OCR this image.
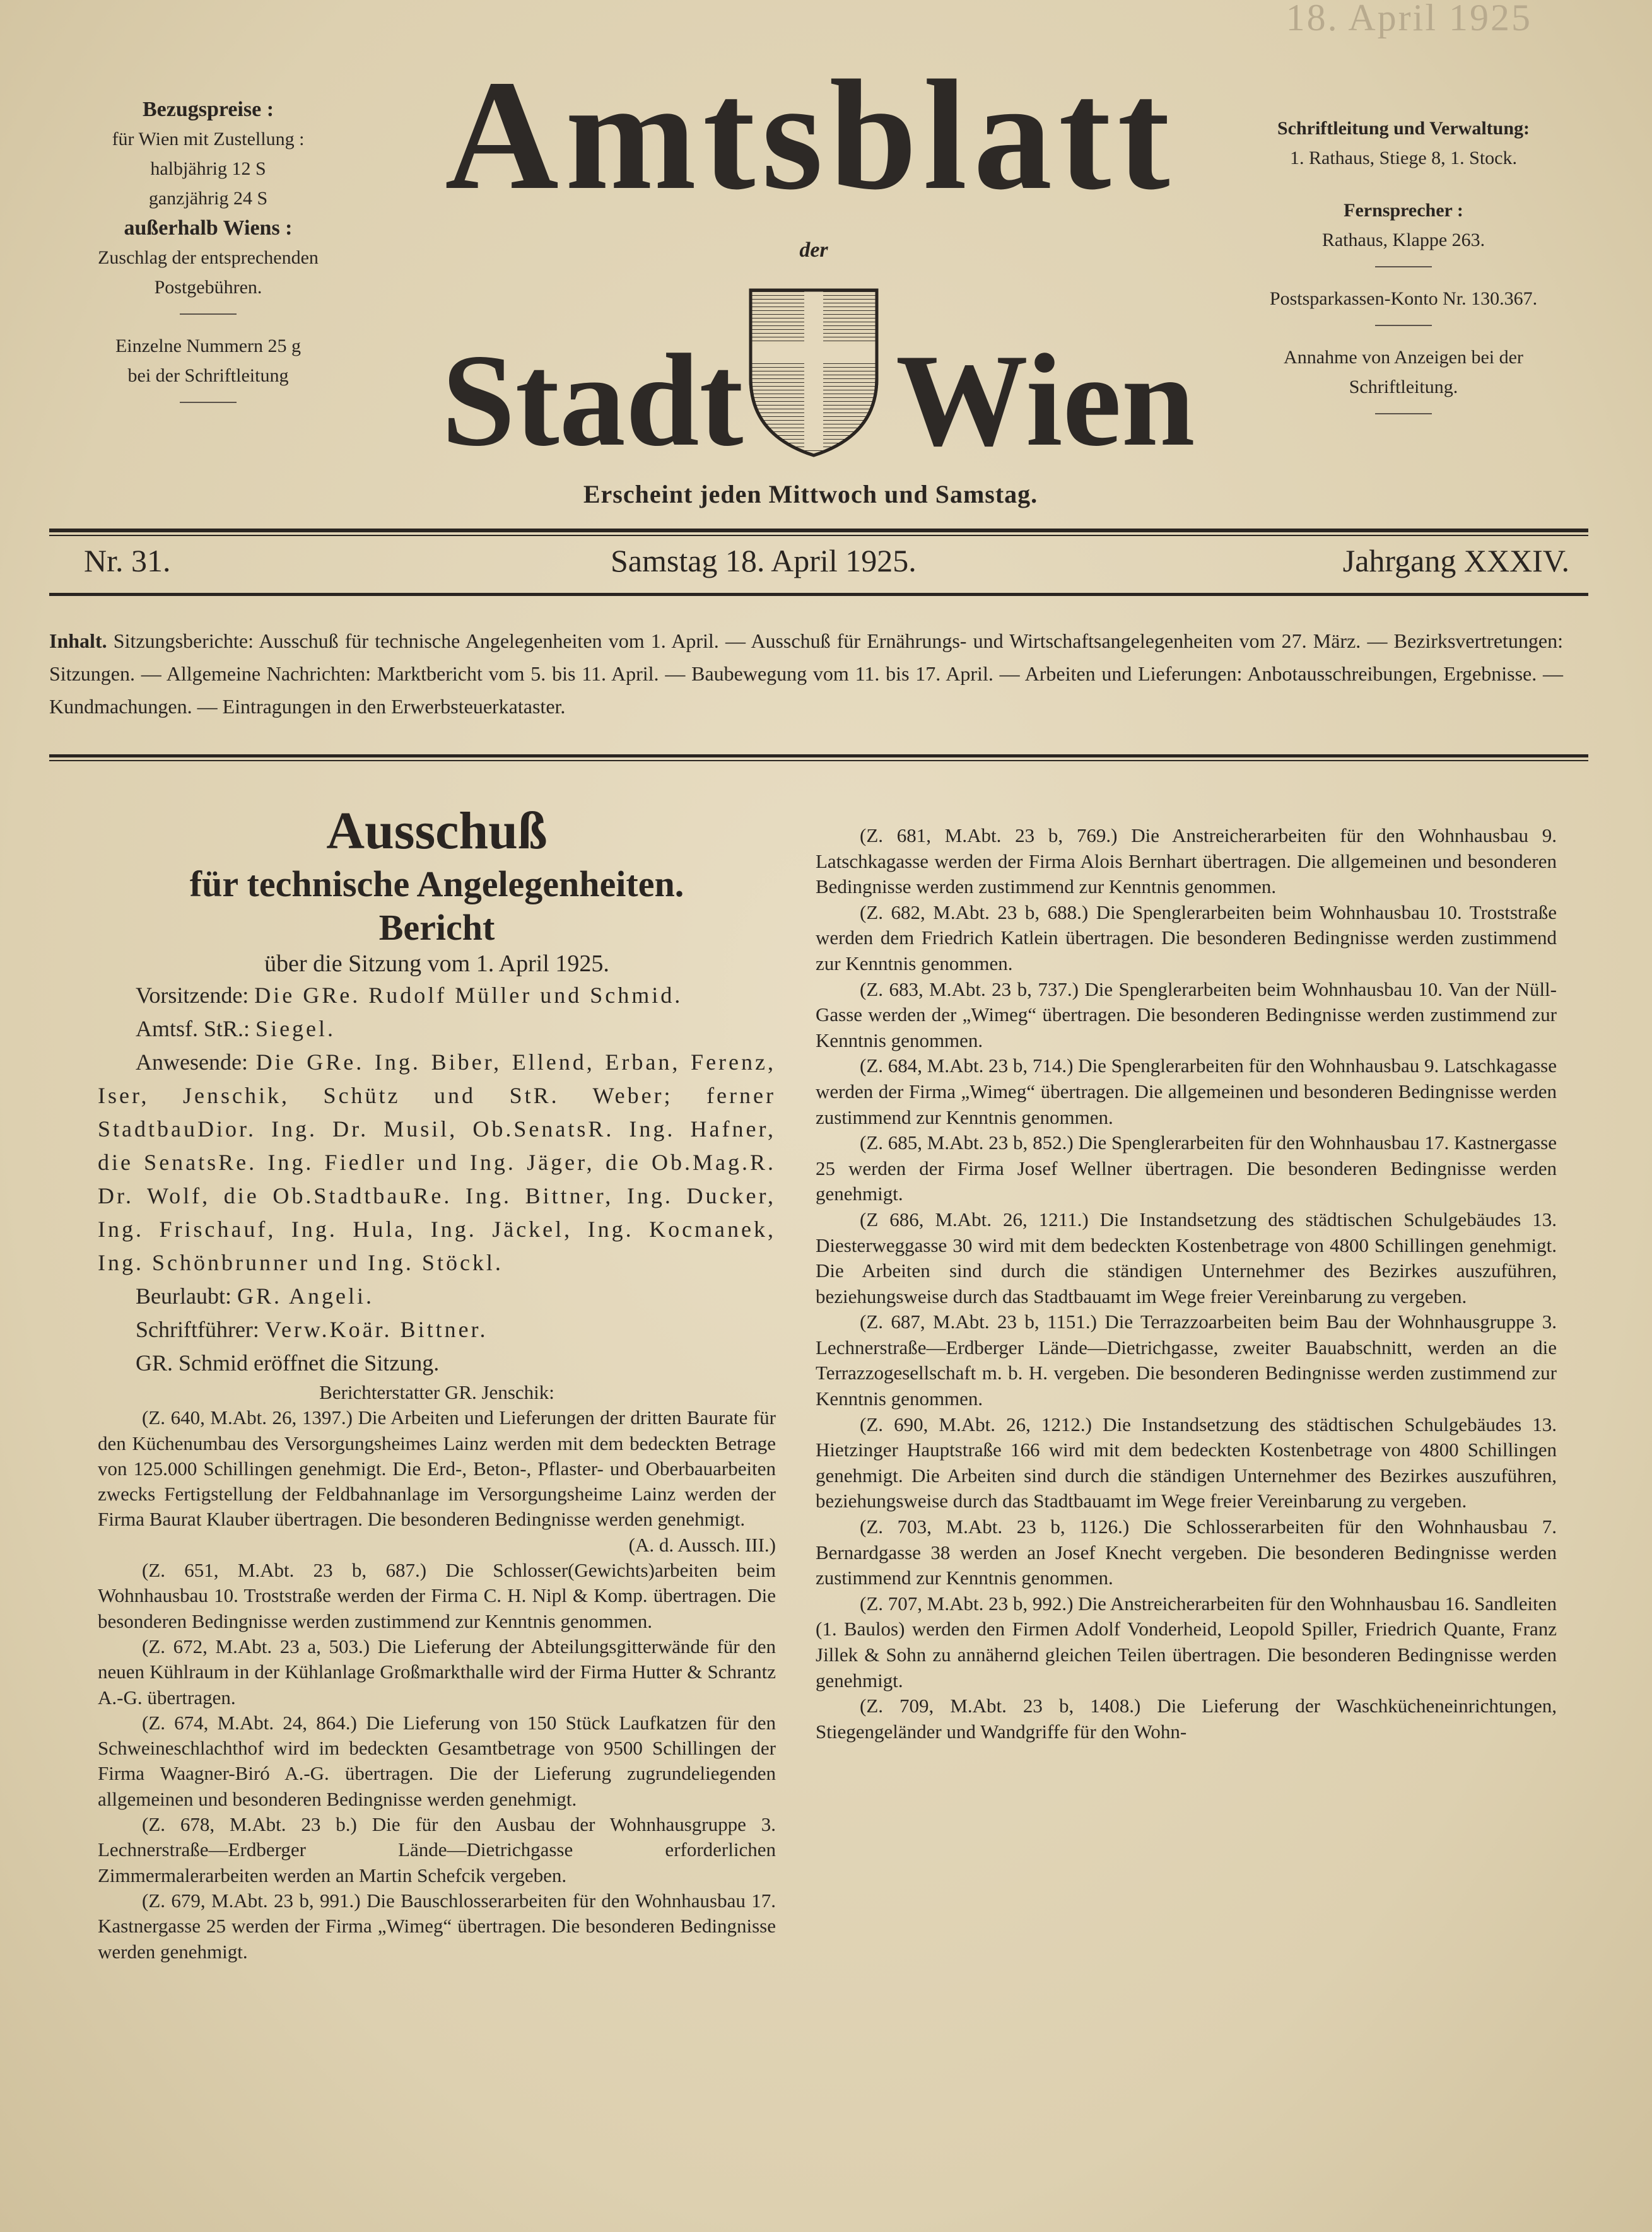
18. April 1925
Bezugspreise :
für Wien mit Zustellung :
halbjährig 12 S
ganzjährig 24 S
außerhalb Wiens :
Zuschlag der entsprechenden
Postgebühren.
Einzelne Nummern 25 g
bei der Schriftleitung
Amtsblatt
der
Stadt Wien
Erscheint jeden Mittwoch und Samstag.
Schriftleitung und Verwaltung:
1. Rathaus, Stiege 8, 1. Stock.
Fernsprecher :
Rathaus, Klappe 263.
Postsparkassen-Konto Nr. 130.367.
Annahme von Anzeigen bei der
Schriftleitung.
Nr. 31.	Samstag 18. April 1925.	Jahrgang XXXIV.
Inhalt. Sitzungsberichte: Ausschuß für technische Angelegenheiten vom 1. April. — Ausschuß für Ernährungs- und Wirtschaftsangelegenheiten vom 27. März. — Bezirksvertretungen: Sitzungen. — Allgemeine Nachrichten: Marktbericht vom 5. bis 11. April. — Baubewegung vom 11. bis 17. April. — Arbeiten und Lieferungen: Anbotausschreibungen, Ergebnisse. — Kundmachungen. — Eintragungen in den Erwerbsteuerkataster.
Ausschuß
für technische Angelegenheiten.
Bericht
über die Sitzung vom 1. April 1925.

Vorsitzende: Die GRe. Rudolf Müller und Schmid.

Amtsf. StR.: Siegel.

Anwesende: Die GRe. Ing. Biber, Ellend, Erban, Ferenz, Iser, Jenschik, Schütz und StR. Weber; ferner StadtbauDior. Ing. Dr. Musil, Ob.SenatsR. Ing. Hafner, die SenatsRe. Ing. Fiedler und Ing. Jäger, die Ob.Mag.R. Dr. Wolf, die Ob.StadtbauRe. Ing. Bittner, Ing. Ducker, Ing. Frischauf, Ing. Hula, Ing. Jäckel, Ing. Kocmanek, Ing. Schönbrunner und Ing. Stöckl.

Beurlaubt: GR. Angeli.

Schriftführer: Verw.Koär. Bittner.

GR. Schmid eröffnet die Sitzung.

Berichterstatter GR. Jenschik:

(Z. 640, M.Abt. 26, 1397.) Die Arbeiten und Lieferungen der dritten Baurate für den Küchenumbau des Versorgungsheimes Lainz werden mit dem bedeckten Betrage von 125.000 Schillingen genehmigt. Die Erd-, Beton-, Pflaster- und Oberbauarbeiten zwecks Fertigstellung der Feldbahnanlage im Versorgungsheime Lainz werden der Firma Baurat Klauber übertragen. Die besonderen Bedingnisse werden genehmigt.

(A. d. Aussch. III.)

(Z. 651, M.Abt. 23 b, 687.) Die Schlosser(Gewichts)arbeiten beim Wohnhausbau 10. Troststraße werden der Firma C. H. Nipl & Komp. übertragen. Die besonderen Bedingnisse werden zustimmend zur Kenntnis genommen.

(Z. 672, M.Abt. 23 a, 503.) Die Lieferung der Abteilungsgitterwände für den neuen Kühlraum in der Kühlanlage Großmarkthalle wird der Firma Hutter & Schrantz A.-G. übertragen.

(Z. 674, M.Abt. 24, 864.) Die Lieferung von 150 Stück Laufkatzen für den Schweineschlachthof wird im bedeckten Gesamtbetrage von 9500 Schillingen der Firma Waagner-Biró A.-G. übertragen. Die der Lieferung zugrundeliegenden allgemeinen und besonderen Bedingnisse werden genehmigt.

(Z. 678, M.Abt. 23 b.) Die für den Ausbau der Wohnhausgruppe 3. Lechnerstraße—Erdberger Lände—Dietrichgasse erforderlichen Zimmermalerarbeiten werden an Martin Schefcik vergeben.

(Z. 679, M.Abt. 23 b, 991.) Die Bauschlosserarbeiten für den Wohnhausbau 17. Kastnergasse 25 werden der Firma „Wimeg“ übertragen. Die besonderen Bedingnisse werden genehmigt.

(Z. 681, M.Abt. 23 b, 769.) Die Anstreicherarbeiten für den Wohnhausbau 9. Latschkagasse werden der Firma Alois Bernhart übertragen. Die allgemeinen und besonderen Bedingnisse werden zustimmend zur Kenntnis genommen.

(Z. 682, M.Abt. 23 b, 688.) Die Spenglerarbeiten beim Wohnhausbau 10. Troststraße werden dem Friedrich Katlein übertragen. Die besonderen Bedingnisse werden zustimmend zur Kenntnis genommen.

(Z. 683, M.Abt. 23 b, 737.) Die Spenglerarbeiten beim Wohnhausbau 10. Van der Nüll-Gasse werden der „Wimeg“ übertragen. Die besonderen Bedingnisse werden zustimmend zur Kenntnis genommen.

(Z. 684, M.Abt. 23 b, 714.) Die Spenglerarbeiten für den Wohnhausbau 9. Latschkagasse werden der Firma „Wimeg“ übertragen. Die allgemeinen und besonderen Bedingnisse werden zustimmend zur Kenntnis genommen.

(Z. 685, M.Abt. 23 b, 852.) Die Spenglerarbeiten für den Wohnhausbau 17. Kastnergasse 25 werden der Firma Josef Wellner übertragen. Die besonderen Bedingnisse werden genehmigt.

(Z 686, M.Abt. 26, 1211.) Die Instandsetzung des städtischen Schulgebäudes 13. Diesterweggasse 30 wird mit dem bedeckten Kostenbetrage von 4800 Schillingen genehmigt. Die Arbeiten sind durch die ständigen Unternehmer des Bezirkes auszuführen, beziehungsweise durch das Stadtbauamt im Wege freier Vereinbarung zu vergeben.

(Z. 687, M.Abt. 23 b, 1151.) Die Terrazzoarbeiten beim Bau der Wohnhausgruppe 3. Lechnerstraße—Erdberger Lände—Dietrichgasse, zweiter Bauabschnitt, werden an die Terrazzogesellschaft m. b. H. vergeben. Die besonderen Bedingnisse werden zustimmend zur Kenntnis genommen.

(Z. 690, M.Abt. 26, 1212.) Die Instandsetzung des städtischen Schulgebäudes 13. Hietzinger Hauptstraße 166 wird mit dem bedeckten Kostenbetrage von 4800 Schillingen genehmigt. Die Arbeiten sind durch die ständigen Unternehmer des Bezirkes auszuführen, beziehungsweise durch das Stadtbauamt im Wege freier Vereinbarung zu vergeben.

(Z. 703, M.Abt. 23 b, 1126.) Die Schlosserarbeiten für den Wohnhausbau 7. Bernardgasse 38 werden an Josef Knecht vergeben. Die besonderen Bedingnisse werden zustimmend zur Kenntnis genommen.

(Z. 707, M.Abt. 23 b, 992.) Die Anstreicherarbeiten für den Wohnhausbau 16. Sandleiten (1. Baulos) werden den Firmen Adolf Vonderheid, Leopold Spiller, Friedrich Quante, Franz Jillek & Sohn zu annähernd gleichen Teilen übertragen. Die besonderen Bedingnisse werden genehmigt.

(Z. 709, M.Abt. 23 b, 1408.) Die Lieferung der Waschkücheneinrichtungen, Stiegengeländer und Wandgriffe für den Wohn-
